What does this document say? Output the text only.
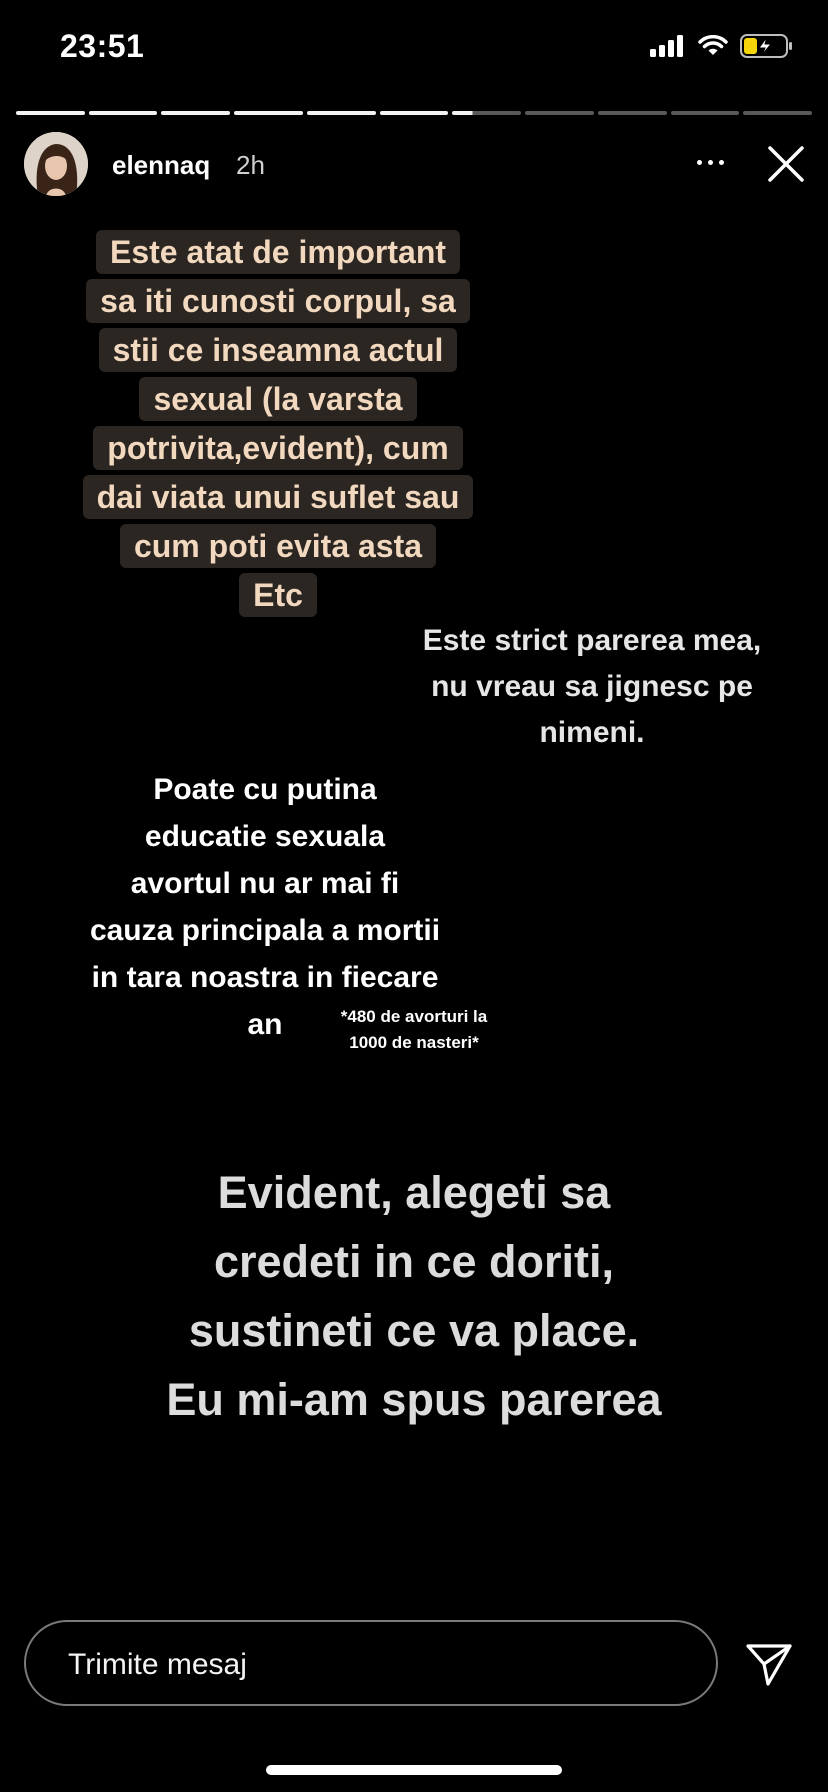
23:51
elennaq 2h
Este atat de important
sa iti cunosti corpul, sa
stii ce inseamna actul
sexual (la varsta
potrivita,evident), cum
dai viata unui suflet sau
cum poti evita asta
Etc
Este strict parerea mea,
nu vreau sa jignesc pe
nimeni.
Poate cu putina
educatie sexuala
avortul nu ar mai fi
cauza principala a mortii
in tara noastra in fiecare
an	*480 de avorturi la
1000 de nasteri*
Evident, alegeti sa
credeti in ce doriti,
sustineti ce va place.
Eu mi-am spus parerea
Trimite mesaj
